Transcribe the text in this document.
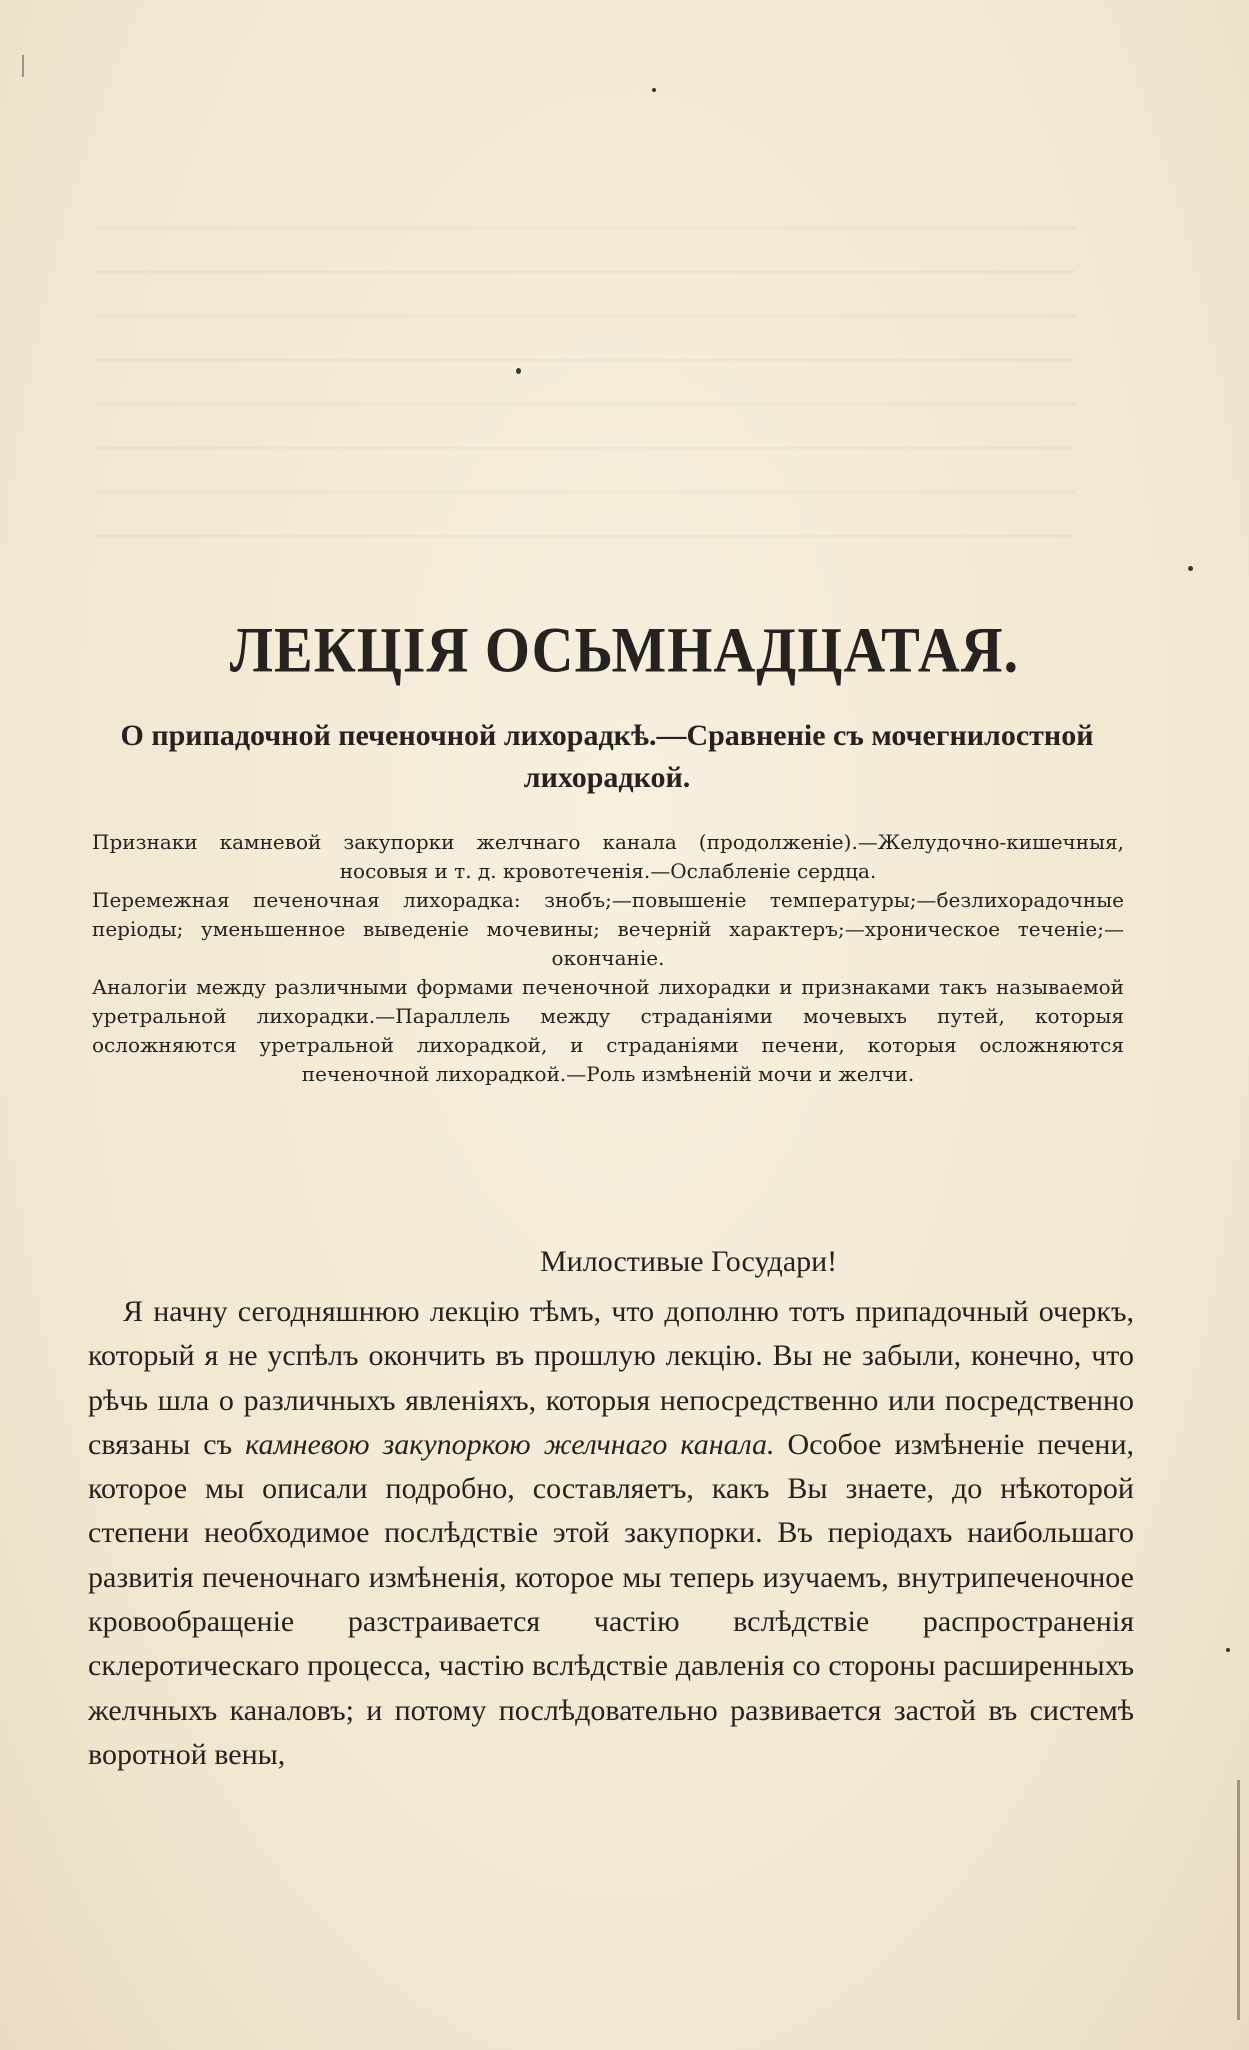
ЛЕКЦIЯ ОСЬМНАДЦАТАЯ.
О припадочной печеночной лихорадкѣ.—Сравненіе съ мочегнилостной лихорадкой.

Признаки камневой закупорки желчнаго канала (продолженіе).—Желудочно-кишечныя, носовыя и т. д. кровотеченія.—Ослабленіе сердца.

Перемежная печеночная лихорадка: знобъ;—повышеніе температуры;—безлихорадочные періоды; уменьшенное выведеніе мочевины; вечерній характеръ;—хроническое теченіе;—окончаніе.

Аналогіи между различными формами печеночной лихорадки и признаками такъ называемой уретральной лихорадки.—Параллель между страданіями мочевыхъ путей, которыя осложняются уретральной лихорадкой, и страданіями печени, которыя осложняются печеночной лихорадкой.—Роль измѣненій мочи и желчи.

Милостивые Государи!

Я начну сегодняшнюю лекцію тѣмъ, что дополню тотъ припадочный очеркъ, который я не успѣлъ окончить въ прошлую лекцію. Вы не забыли, конечно, что рѣчь шла о различныхъ явленіяхъ, которыя непосредственно или посредственно связаны съ камневою закупоркою желчнаго канала. Особое измѣненіе печени, которое мы описали подробно, составляетъ, какъ Вы знаете, до нѣкоторой степени необходимое послѣдствіе этой закупорки. Въ періодахъ наибольшаго развитія печеночнаго измѣненія, которое мы теперь изучаемъ, внутрипеченочное кровообращеніе разстраивается частію вслѣдствіе распространенія склеротическаго процесса, частію вслѣдствіе давленія со стороны расширенныхъ желчныхъ каналовъ; и потому послѣдовательно развивается застой въ системѣ воротной вены,
